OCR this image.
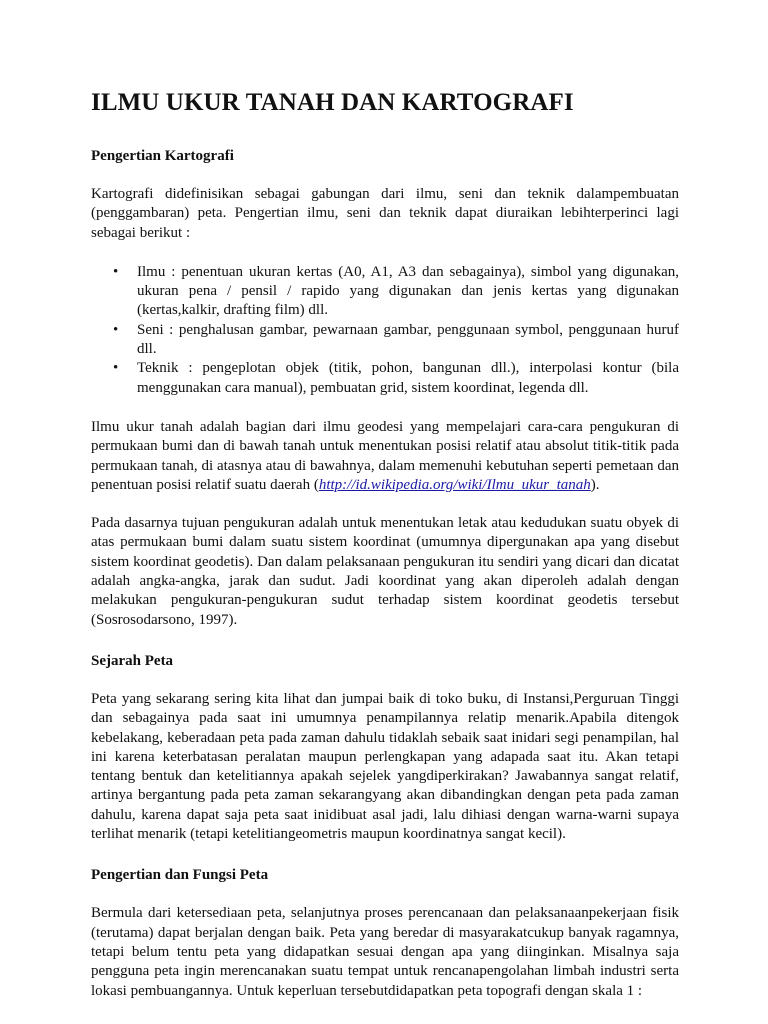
ILMU UKUR TANAH DAN KARTOGRAFI
Pengertian Kartografi

Kartografi didefinisikan sebagai gabungan dari ilmu, seni dan teknik dalampembuatan (penggambaran) peta. Pengertian ilmu, seni dan teknik dapat diuraikan lebihterperinci lagi sebagai berikut :

• Ilmu : penentuan ukuran kertas (A0, A1, A3 dan sebagainya), simbol yang digunakan, ukuran pena / pensil / rapido yang digunakan dan jenis kertas yang digunakan (kertas,kalkir, drafting film) dll.
• Seni : penghalusan gambar, pewarnaan gambar, penggunaan symbol, penggunaan huruf dll.
• Teknik : pengeplotan objek (titik, pohon, bangunan dll.), interpolasi kontur (bila menggunakan cara manual), pembuatan grid, sistem koordinat, legenda dll.

Ilmu ukur tanah adalah bagian dari ilmu geodesi yang mempelajari cara-cara pengukuran di permukaan bumi dan di bawah tanah untuk menentukan posisi relatif atau absolut titik-titik pada permukaan tanah, di atasnya atau di bawahnya, dalam memenuhi kebutuhan seperti pemetaan dan penentuan posisi relatif suatu daerah (http://id.wikipedia.org/wiki/Ilmu_ukur_tanah).

Pada dasarnya tujuan pengukuran adalah untuk menentukan letak atau kedudukan suatu obyek di atas permukaan bumi dalam suatu sistem koordinat (umumnya dipergunakan apa yang disebut sistem koordinat geodetis). Dan dalam pelaksanaan pengukuran itu sendiri yang dicari dan dicatat adalah angka-angka, jarak dan sudut. Jadi koordinat yang akan diperoleh adalah dengan melakukan pengukuran-pengukuran sudut terhadap sistem koordinat geodetis tersebut (Sosrosodarsono, 1997).

Sejarah Peta

Peta yang sekarang sering kita lihat dan jumpai baik di toko buku, di Instansi,Perguruan Tinggi dan sebagainya pada saat ini umumnya penampilannya relatip menarik.Apabila ditengok kebelakang, keberadaan peta pada zaman dahulu tidaklah sebaik saat inidari segi penampilan, hal ini karena keterbatasan peralatan maupun perlengkapan yang adapada saat itu. Akan tetapi tentang bentuk dan ketelitiannya apakah sejelek yangdiperkirakan? Jawabannya sangat relatif, artinya bergantung pada peta zaman sekarangyang akan dibandingkan dengan peta pada zaman dahulu, karena dapat saja peta saat inidibuat asal jadi, lalu dihiasi dengan warna-warni supaya terlihat menarik (tetapi ketelitiangeometris maupun koordinatnya sangat kecil).

Pengertian dan Fungsi Peta

Bermula dari ketersediaan peta, selanjutnya proses perencanaan dan pelaksanaanpekerjaan fisik (terutama) dapat berjalan dengan baik. Peta yang beredar di masyarakatcukup banyak ragamnya, tetapi belum tentu peta yang didapatkan sesuai dengan apa yang diinginkan. Misalnya saja pengguna peta ingin merencanakan suatu tempat untuk rencanapengolahan limbah industri serta lokasi pembuangannya. Untuk keperluan tersebutdidapatkan peta topografi dengan skala 1 :
